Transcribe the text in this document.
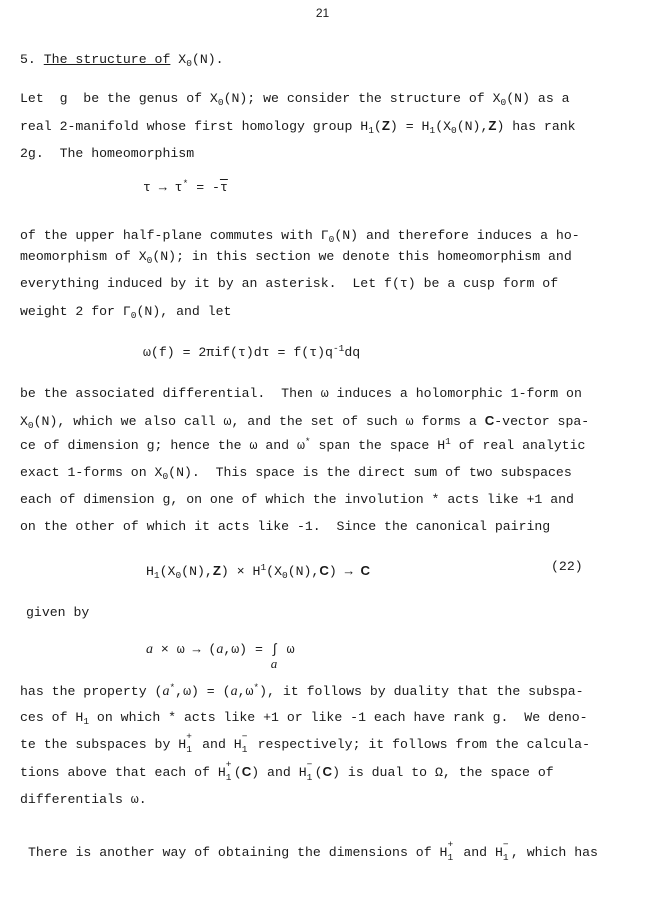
21
5. The structure of $X_0(N)$.
Let  g  be the genus of $X_0(N)$; we consider the structure of $X_0(N)$ as a
real 2-manifold whose first homology group $H_1(Z) = H_1(X_0(N),Z)$ has rank
2g.  The homeomorphism
$\tau \to \tau^* = -\overline{\tau}$
of the upper half-plane commutes with $\Gamma_0(N)$ and therefore induces a ho-
meomorphism of $X_0(N)$; in this section we denote this homeomorphism and
everything induced by it by an asterisk.  Let f(τ) be a cusp form of
weight 2 for $\Gamma_0(N)$, and let
$\omega(f) = 2\pi if(\tau)d\tau = f(\tau)q^{-1}dq$
be the associated differential.  Then ω induces a holomorphic 1-form on
$X_0(N)$, which we also call ω, and the set of such ω forms a C-vector spa-
ce of dimension g; hence the ω and ω* span the space $H^1$ of real analytic
exact 1-forms on $X_0(N)$.  This space is the direct sum of two subspaces
each of dimension g, on one of which the involution * acts like +1 and
on the other of which it acts like -1.  Since the canonical pairing
$H_1(X_0(N),Z) \times H^1(X_0(N),C) \to C$	(22)
given by
a × ω → (a,ω) = ∫
a
ω
has the property (a*,ω) = (a,ω*), it follows by duality that the subspa-
ces of $H_1$ on which * acts like +1 or like -1 each have rank g.  We deno-
te the subspaces by H
+
1 and H
−
1 respectively; it follows from the calcula-
tions above that each of H
+
1 (C) and H
−
1 (C) is dual to Ω, the space of
differentials ω.
There is another way of obtaining the dimensions of H
+
1 and H
−
1 , which has
